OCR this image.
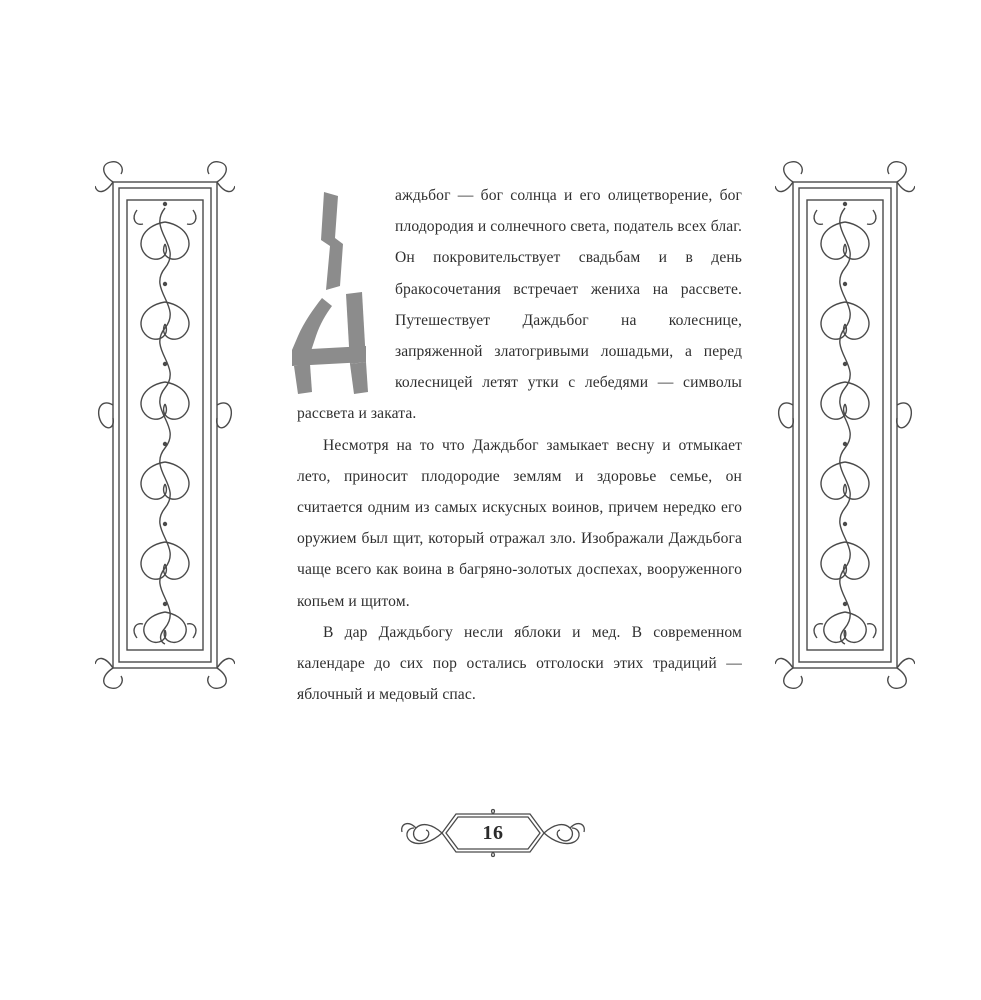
аждьбог — бог солнца и его олицетворение, бог плодородия и солнечного света, податель всех благ. Он покровительствует свадьбам и в день бракосочетания встречает жениха на рассвете. Путешествует Даждьбог на колеснице, запряженной златогривыми лошадьми, а перед колесницей летят утки с лебедями — символы рассвета и заката.

Несмотря на то что Даждьбог замыкает весну и отмыкает лето, приносит плодородие землям и здоровье семье, он считается одним из самых искусных воинов, причем нередко его оружием был щит, который отражал зло. Изображали Даждьбога чаще всего как воина в багряно-золотых доспехах, вооруженного копьем и щитом.

В дар Даждьбогу несли яблоки и мед. В современном календаре до сих пор остались отголоски этих традиций — яблочный и медовый спас.

16
